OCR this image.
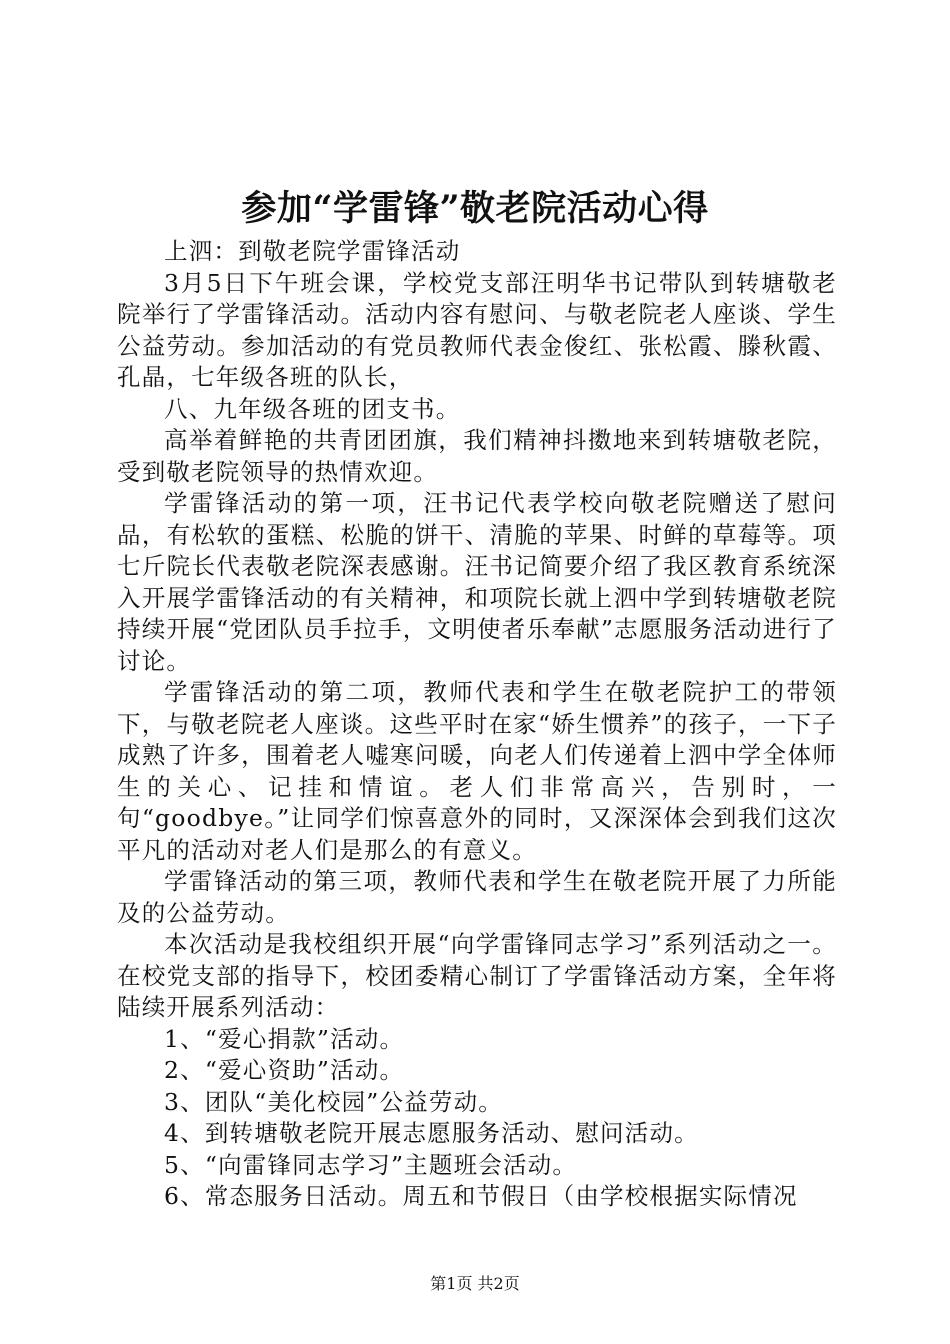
参加“学雷锋”敬老院活动心得

上泗：到敬老院学雷锋活动

3月5日下午班会课，学校党支部汪明华书记带队到转塘敬老院举行了学雷锋活动。活动内容有慰问、与敬老院老人座谈、学生公益劳动。参加活动的有党员教师代表金俊红、张松霞、滕秋霞、孔晶，七年级各班的队长，

八、九年级各班的团支书。

高举着鲜艳的共青团团旗，我们精神抖擞地来到转塘敬老院，受到敬老院领导的热情欢迎。

学雷锋活动的第一项，汪书记代表学校向敬老院赠送了慰问品，有松软的蛋糕、松脆的饼干、清脆的苹果、时鲜的草莓等。项七斤院长代表敬老院深表感谢。汪书记简要介绍了我区教育系统深入开展学雷锋活动的有关精神，和项院长就上泗中学到转塘敬老院持续开展“党团队员手拉手，文明使者乐奉献”志愿服务活动进行了讨论。

学雷锋活动的第二项，教师代表和学生在敬老院护工的带领下，与敬老院老人座谈。这些平时在家“娇生惯养”的孩子，一下子成熟了许多，围着老人嘘寒问暖，向老人们传递着上泗中学全体师生的关心、记挂和情谊。老人们非常高兴，告别时，一句“goodbye。”让同学们惊喜意外的同时，又深深体会到我们这次平凡的活动对老人们是那么的有意义。

学雷锋活动的第三项，教师代表和学生在敬老院开展了力所能及的公益劳动。

本次活动是我校组织开展“向学雷锋同志学习”系列活动之一。在校党支部的指导下，校团委精心制订了学雷锋活动方案，全年将陆续开展系列活动：

1、“爱心捐款”活动。

2、“爱心资助”活动。

3、团队“美化校园”公益劳动。

4、到转塘敬老院开展志愿服务活动、慰问活动。

5、“向雷锋同志学习”主题班会活动。

6、常态服务日活动。周五和节假日（由学校根据实际情况

第1页 共2页
